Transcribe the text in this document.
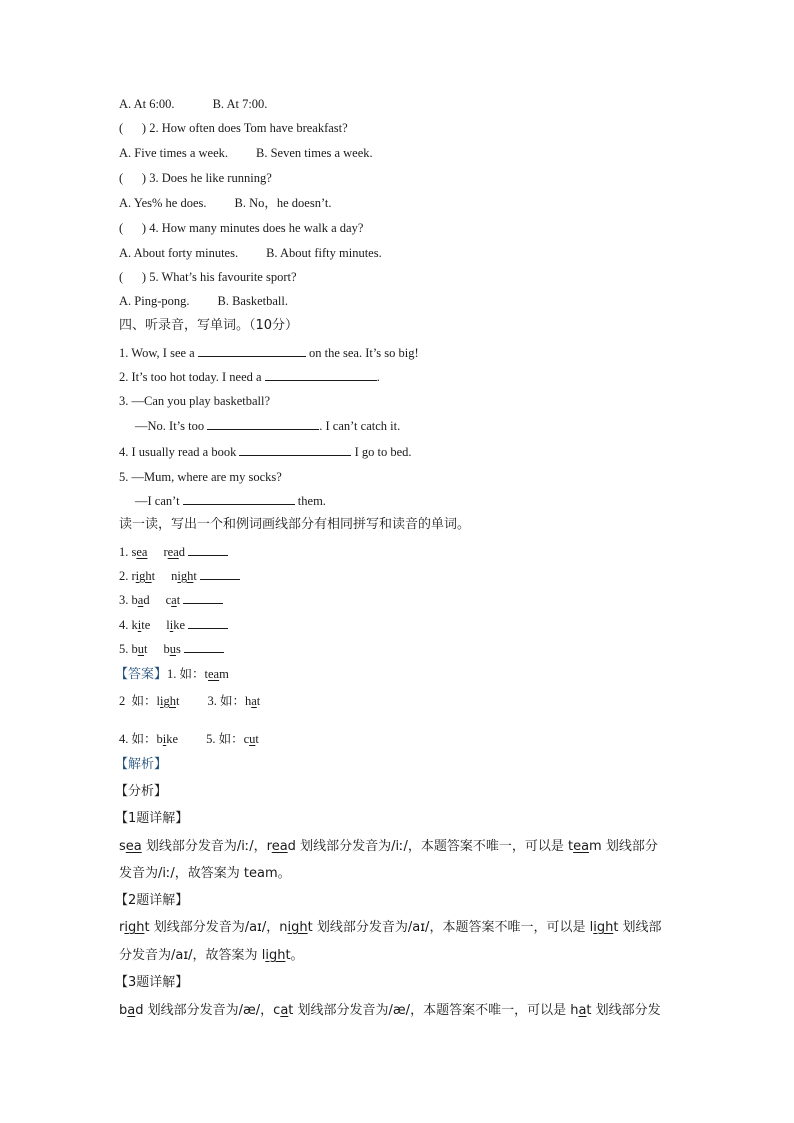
A. At 6:00.	B. At 7:00.
(      ) 2. How often does Tom have breakfast?
A. Five times a week. B. Seven times a week.
(      ) 3. Does he like running?
A. Yes% he does. B. No，he doesn’t.
(      ) 4. How many minutes does he walk a day?
A. About forty minutes. B. About fifty minutes.
(      ) 5. What’s his favourite sport?
A. Ping-pong. B. Basketball.
四、听录音，写单词。（10分）
1. Wow, I see a	on the sea. It’s so big!
2. It’s too hot today. I need a	.
3. —Can you play basketball?
—No. It’s too	. I can’t catch it.
4. I usually read a book	I go to bed.
5. —Mum, where are my socks?
—I can’t	them.
读一读，写出一个和例词画线部分有相同拼写和读音的单词。
1. sea read
2. right night
3. bad cat
4. kite like
5. but bus
【答案】1. 如：team
2  如：light 3. 如：hat
4. 如：bike 5. 如：cut
【解析】
【分析】
【1题详解】
sea 划线部分发音为/iː/，read 划线部分发音为/iː/，本题答案不唯一，可以是 team 划线部分
发音为/iː/，故答案为 team。
【2题详解】
right 划线部分发音为/aɪ/，night 划线部分发音为/aɪ/，本题答案不唯一，可以是 light 划线部
分发音为/aɪ/，故答案为 light。
【3题详解】
bad 划线部分发音为/æ/，cat 划线部分发音为/æ/，本题答案不唯一，可以是 hat 划线部分发
